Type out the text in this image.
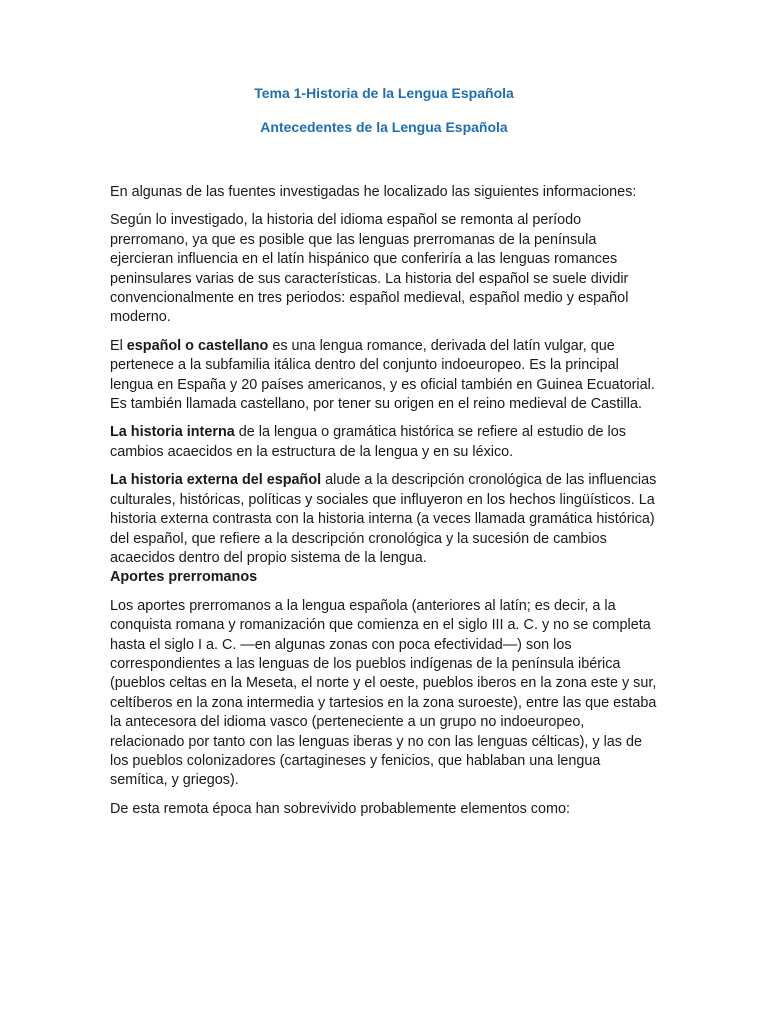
Tema 1-Historia de la Lengua Española
Antecedentes de la Lengua Española

En algunas de las fuentes investigadas he localizado las siguientes informaciones:

Según lo investigado, la historia del idioma español se remonta al período prerromano, ya que es posible que las lenguas prerromanas de la península ejercieran influencia en el latín hispánico que conferiría a las lenguas romances peninsulares varias de sus características. La historia del español se suele dividir convencionalmente en tres periodos: español medieval, español medio y español moderno.

El español o castellano es una lengua romance, derivada del latín vulgar, que pertenece a la subfamilia itálica dentro del conjunto indoeuropeo. Es la principal lengua en España y 20 países americanos, y es oficial también en Guinea Ecuatorial. Es también llamada castellano, por tener su origen en el reino medieval de Castilla.

La historia interna de la lengua o gramática histórica se refiere al estudio de los cambios acaecidos en la estructura de la lengua y en su léxico.

La historia externa del español alude a la descripción cronológica de las influencias culturales, históricas, políticas y sociales que influyeron en los hechos lingüísticos. La historia externa contrasta con la historia interna (a veces llamada gramática histórica) del español, que refiere a la descripción cronológica y la sucesión de cambios acaecidos dentro del propio sistema de la lengua.

Aportes prerromanos

Los aportes prerromanos a la lengua española (anteriores al latín; es decir, a la conquista romana y romanización que comienza en el siglo III a. C. y no se completa hasta el siglo I a. C. —en algunas zonas con poca efectividad—) son los correspondientes a las lenguas de los pueblos indígenas de la península ibérica (pueblos celtas en la Meseta, el norte y el oeste, pueblos iberos en la zona este y sur, celtíberos en la zona intermedia y tartesios en la zona suroeste), entre las que estaba la antecesora del idioma vasco (perteneciente a un grupo no indoeuropeo, relacionado por tanto con las lenguas iberas y no con las lenguas célticas), y las de los pueblos colonizadores (cartagineses y fenicios, que hablaban una lengua semítica, y griegos).

De esta remota época han sobrevivido probablemente elementos como:
